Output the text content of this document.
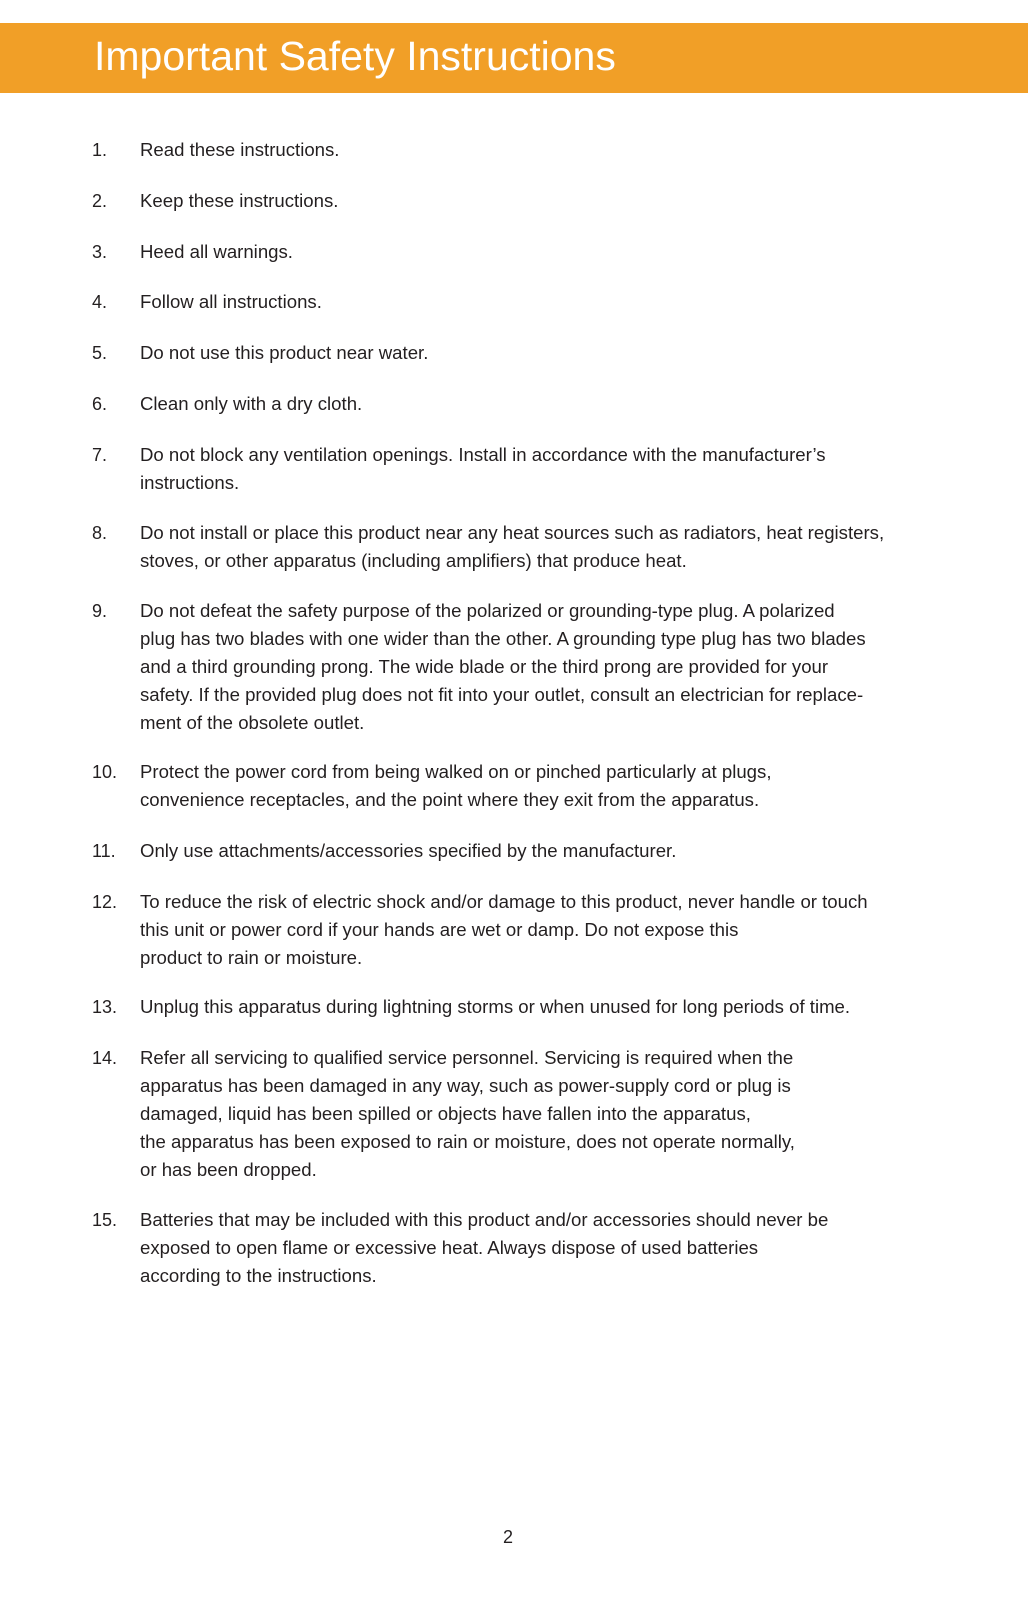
Important Safety Instructions
1. Read these instructions.
2. Keep these instructions.
3. Heed all warnings.
4. Follow all instructions.
5. Do not use this product near water.
6. Clean only with a dry cloth.
7. Do not block any ventilation openings. Install in accordance with the manufacturer’s
instructions.
8. Do not install or place this product near any heat sources such as radiators, heat registers,
stoves, or other apparatus (including amplifiers) that produce heat.
9. Do not defeat the safety purpose of the polarized or grounding-type plug. A polarized
plug has two blades with one wider than the other. A grounding type plug has two blades
and a third grounding prong. The wide blade or the third prong are provided for your
safety. If the provided plug does not fit into your outlet, consult an electrician for replace-
ment of the obsolete outlet.
10. Protect the power cord from being walked on or pinched particularly at plugs,
convenience receptacles, and the point where they exit from the apparatus.
11. Only use attachments/accessories specified by the manufacturer.
12. To reduce the risk of electric shock and/or damage to this product, never handle or touch
this unit or power cord if your hands are wet or damp. Do not expose this
product to rain or moisture.
13. Unplug this apparatus during lightning storms or when unused for long periods of time.
14. Refer all servicing to qualified service personnel. Servicing is required when the
apparatus has been damaged in any way, such as power-supply cord or plug is
damaged, liquid has been spilled or objects have fallen into the apparatus,
the apparatus has been exposed to rain or moisture, does not operate normally,
or has been dropped.
15. Batteries that may be included with this product and/or accessories should never be
exposed to open flame or excessive heat. Always dispose of used batteries
according to the instructions.
2
